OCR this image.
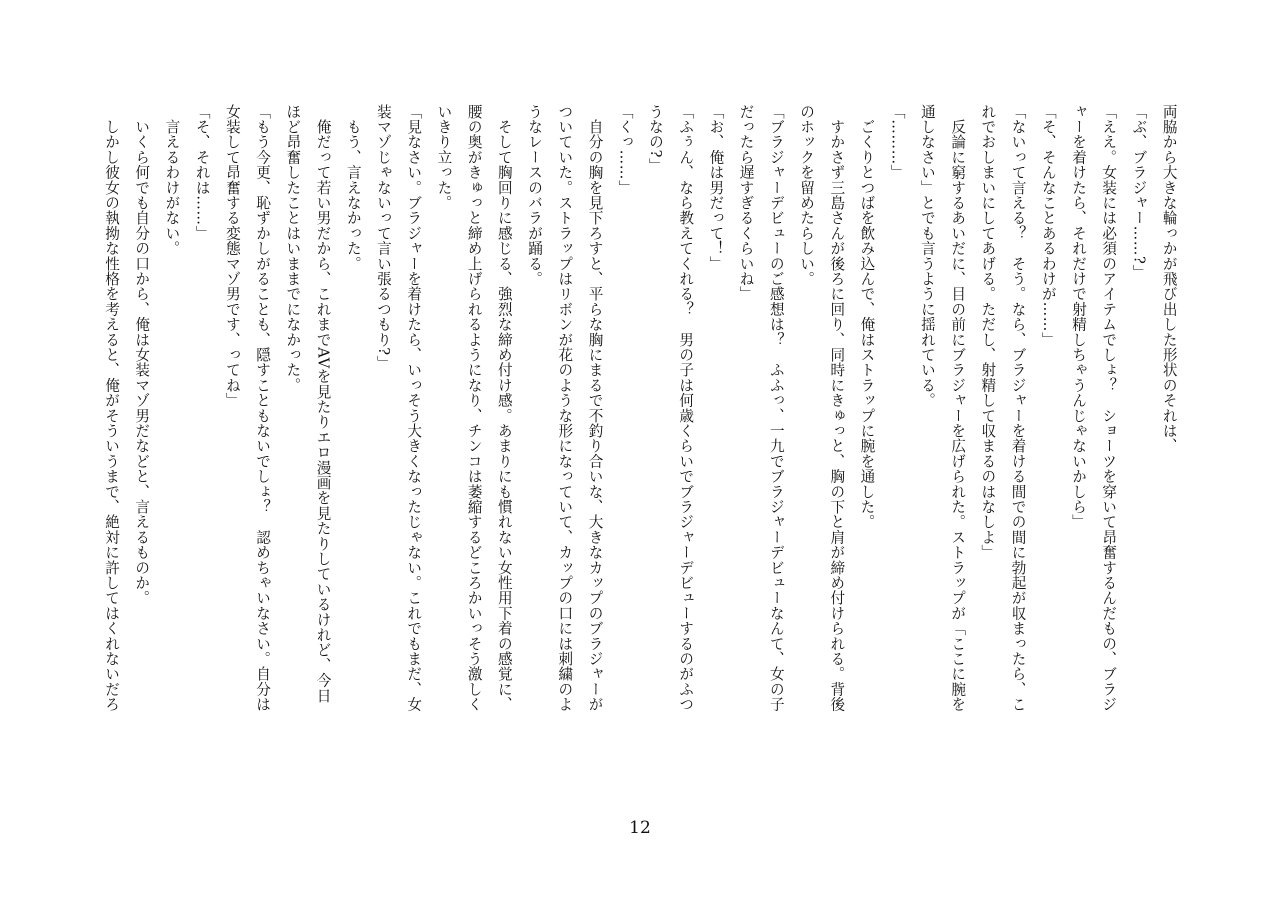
両脇から大きな輪っかが飛び出した形状のそれは、
「ぶ、ブラジャー……?」
「ええ。女装には必須のアイテムでしょ？　ショーツを穿いて昂奮するんだもの、ブラジ
ャーを着けたら、それだけで射精しちゃうんじゃないかしら」
「そ、そんなことあるわけが……」
「ないって言える？　そう。なら、ブラジャーを着ける間での間に勃起が収まったら、こ
れでおしまいにしてあげる。ただし、射精して収まるのはなしよ」
　反論に窮するあいだに、目の前にブラジャーを広げられた。ストラップが「ここに腕を
通しなさい」とでも言うように揺れている。
「………」
　ごくりとつばを飲み込んで、俺はストラップに腕を通した。
　すかさず三島さんが後ろに回り、同時にきゅっと、胸の下と肩が締め付けられる。背後
のホックを留めたらしい。
「ブラジャーデビューのご感想は？　ふふっ、一九でブラジャーデビューなんて、女の子
だったら遅すぎるくらいね」
「お、俺は男だって！」
「ふぅん、なら教えてくれる？　男の子は何歳くらいでブラジャーデビューするのがふつ
うなの?」
「くっ……」
　自分の胸を見下ろすと、平らな胸にまるで不釣り合いな、大きなカップのブラジャーが
ついていた。ストラップはリボンが花のような形になっていて、カップの口には刺繍のよ
うなレースのバラが踊る。
　そして胸回りに感じる、強烈な締め付け感。あまりにも慣れない女性用下着の感覚に、
腰の奥がきゅっと締め上げられるようになり、チンコは萎縮するどころかいっそう激しく
いきり立った。
「見なさい。ブラジャーを着けたら、いっそう大きくなったじゃない。これでもまだ、女
装マゾじゃないって言い張るつもり?」
　もう、言えなかった。
　俺だって若い男だから、これまでAVを見たりエロ漫画を見たりしているけれど、今日
ほど昂奮したことはいままでになかった。
「もう今更、恥ずかしがることも、隠すこともないでしょ？　認めちゃいなさい。自分は
女装して昂奮する変態マゾ男です、ってね」
「そ、それは……」
　言えるわけがない。
　いくら何でも自分の口から、俺は女装マゾ男だなどと、言えるものか。
　しかし彼女の執拗な性格を考えると、俺がそういうまで、絶対に許してはくれないだろ
12
